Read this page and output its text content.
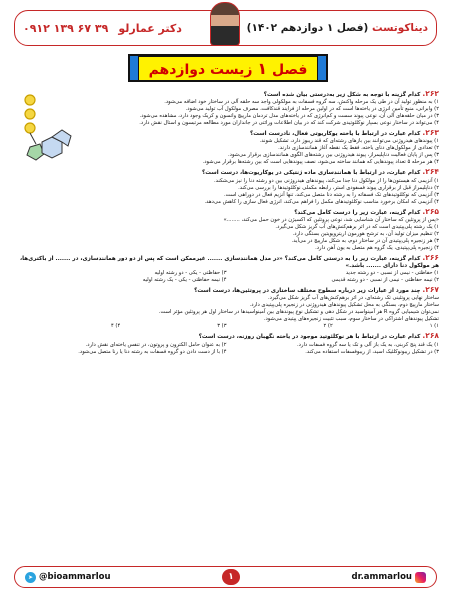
۰۹۱۲ ۱۳۹ ۶۷ ۳۹ دکتر عمارلو	دیناکوتست (فصل ۱ دوازدهم ۱۴۰۲)
فصل ۱ زیست دوازدهم
۲۶۲.کدام گزینه با توجه به شکل زیر به‌درستی بیان شده است؟
۱) به منظور تولید آن در طی یک مرحله واکنش، سه گروه فسفات به مولکولی واجد سه حلقه آلی در ساختار خود اضافه می‌شود.
۲) وابرانی، منبع تأمین انرژی در یاخته‌ها است که در اولین مرحله از فرایند قندکافت، مصرف مولکول آب تولید می‌شود.
۳) در میان حلقه‌های آلی آن، نوعی پیوند سست و کم‌انرژی که در یاخته‌های مدل تردمان مارپیچ واتسون و کریک وجود دارد، مشاهده می‌شود.
۴) می‌تواند در ساختار نوعی بسپار نوکلئوتیدی شرکت کند که در بیان اطلاعات وراثتی در جانداران مورد مطالعه مرتبسون و استال نقش دارد.
۲۶۳.کدام عبارت در ارتباط با یاخته یوکاریوتی فعال، نادرست است؟
۱) پیوندهای هیدروژنی می‌توانند بین بازهای رشته‌ای که قند ریبوز دارد، تشکیل شوند.
۲) تعدادی از مولکول‌های دنای یاخته، فقط یک نقطه آغاز همانندسازی دارند.
۳) پس از پایان فعالیت دناپلیمراز، پیوند هیدروژنی بین رشته‌های الگوی همانندسازی برقرار می‌شود.
۴) هر مرحله ۵ تعداد پیوندهایی که همانند ساخته می‌شود، نصف پیوندهایی است که بین رشته‌ها برقرار می‌شود.
۲۶۴.کدام عبارت، در ارتباط با همانندسازی ماده ژنتیکی در یوکاریوت‌ها، درست است؟
۱) آنزیمی که هیستون‌ها را از مولکول دنا جدا می‌کند، پیوندهای هیدروژنی بین دو رشته دنا را نیز می‌شکند.
۲) دناپلیمراز قبل از برقراری پیوند فسفودی استر، رابطه مکملی نوکلئوتیدها را بررسی می‌کند.
۳) آنزیمی که نوکلئوتیدهای تک فسفاته را به رشته دنا متصل می‌کند، تنها آنزیم فعال در دوراهی است.
۴) آنزیمی که امکان برخورد مناسب نوکلئوتیدهای مکمل را فراهم می‌کند، انرژی فعال سازی را کاهش می‌دهد.
۲۶۵.کدام گزینه، عبارت زیر را درست کامل می‌کند؟
«پس از پروتئین که ساختار آن شناسایی شد، نوعی پروتئین که اکسیژن در خون حمل می‌کند، ........»
۱) یک رشته پلی‌پپتیدی است که در اثر برهم‌کنش‌های آب گریز شکل می‌گیرد.
۲) تنظیم میزان تولید آن، به ترشح هورمون اریتروپویتین بستگی دارد.
۳) هر زنجیره پلی‌پپتیدی آن در ساختار دوم، به شکل مارپیچ در می‌آید.
۴) زنجیره پلی‌پپتیدی، یک گروه هم متصل به یون آهن دارد.
۲۶۶.کدام گزینه، عبارت زیر را به درستی کامل می‌کند؟ «در مدل همانندسازی ....... غیرممکن است که پس از دو دور همانندسازی، در ....... از باکتری‌ها، هر مولکول دنا دارای ....... باشد.»
۱) حفاظتی - نیمی از نسبی - دو رشته جدید
۳) حفاظتی - یکی - دو رشته اولیه
۲) نیمه حفاظتی - نیمی از نسبی - دو رشته قدیمی
۴) نیمه حفاظتی - یکی - یک رشته اولیه
۲۶۷.چند مورد از عبارات زیر درباره سطوح مختلف ساختاری در پروتئین‌ها، درست است؟
ساختار نهایی پروتئینی تک رشته‌ای، در اثر برهم‌کنش‌های آب گریز شکل می‌گیرد.
ساختار مارپیچ دوم، بستگی به محل تشکیل پیوندهای هیدروژنی در زنجیره پلی‌پپتیدی دارد.
نمی‌توان شیمیایی گروه R هر آمینواسید در شکل دهی و تشکیل نوع پیوندهای بین آمینواسیدها در ساختار اول هر پروتئین مؤثر است.
تشکیل پیوندهای اشتراکی در ساختار سوم، سبب تثبیت زنجیره‌های پپتیدی می‌شود.
۱) ۱
۲) ۲
۳) ۳
۴) ۴
۲۶۸.کدام عبارت در ارتباط با هر نوکلئوتید موجود در یاخته نگهبان روزنه، درست است؟
۱) یک قند پنج کربنی، به یک باز آلی و تک یا سه گروه فسفات دارد.
۲) به عنوان حامل الکترون و پروتون، در تنفس یاخته‌ای نقش دارد.
۳) در تشکیل ریبونوکلئیک اسید، از ریبوفسفات استفاده می‌کند.
۴) با از دست دادن دو گروه فسفات به رشته دنا یا رنا متصل می‌شود.
➤ @bioammarlou	۱	dr.ammarlou
